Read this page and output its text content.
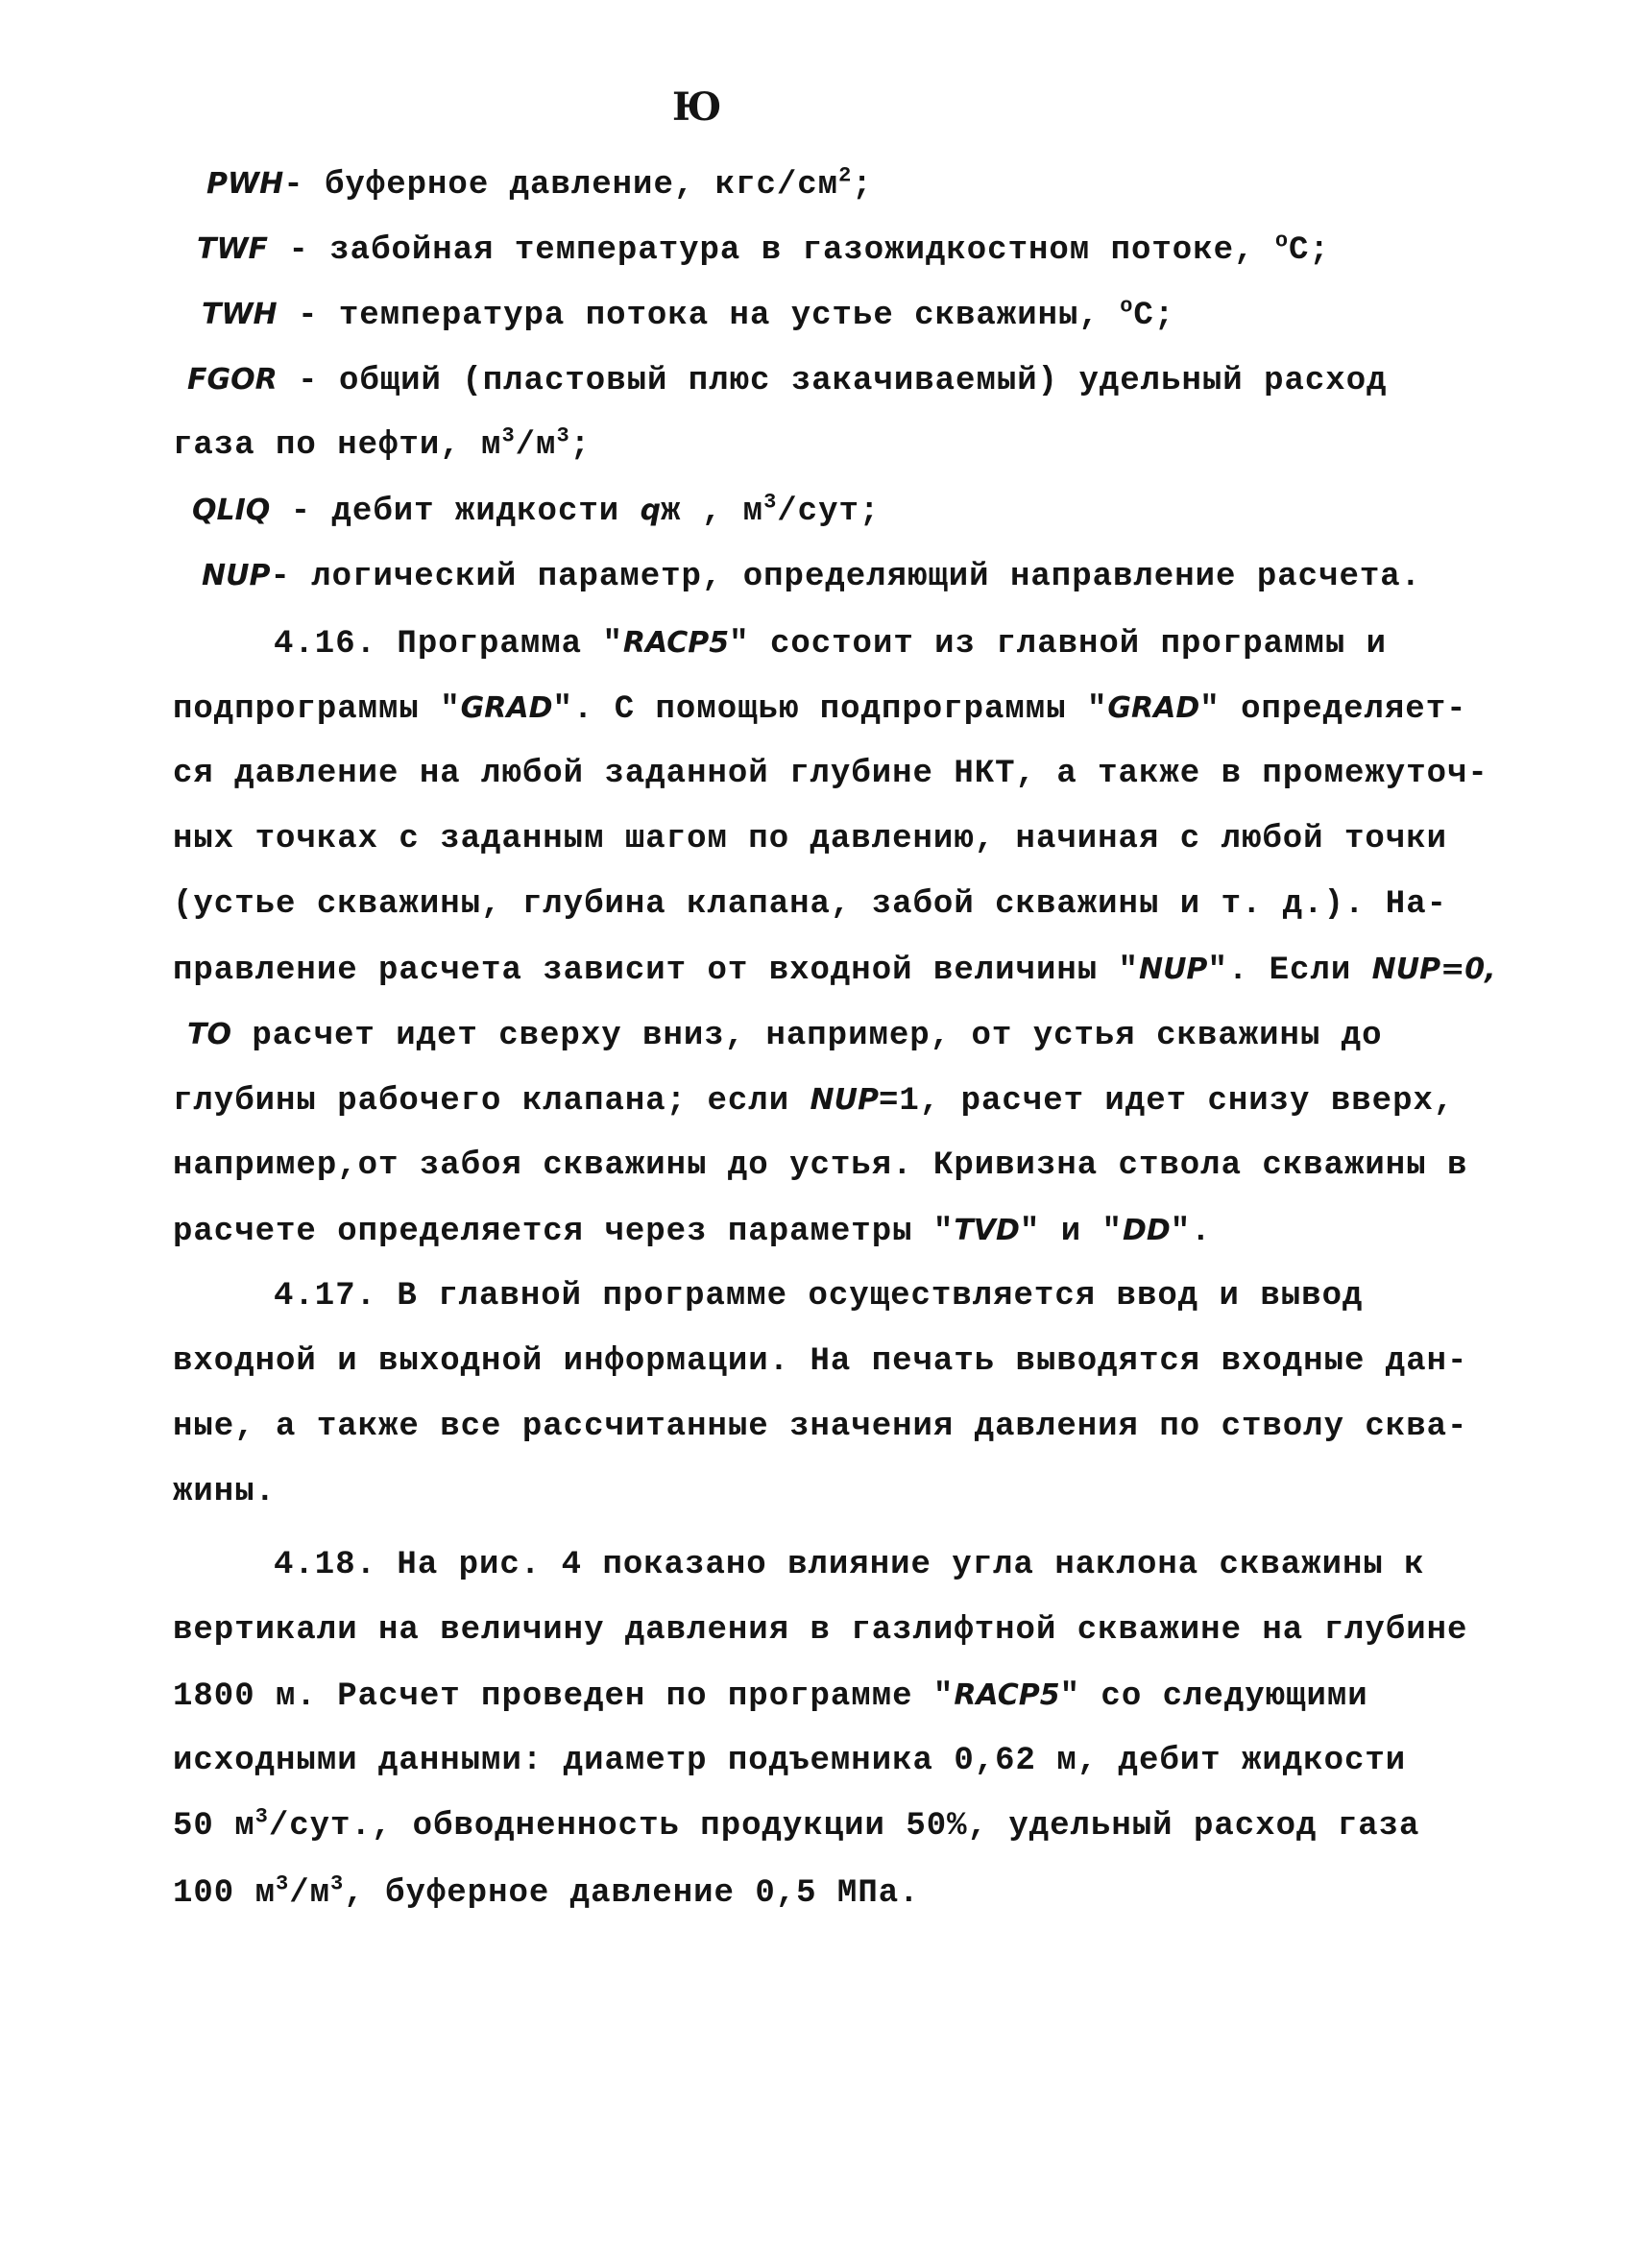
Ю
PWH- буферное давление, кгс/$см^2$;
TWF - забойная температура в газожидкостном потоке, $^o$C;
TWH - температура потока на устье скважины, $^o$C;
FGOR - общий (пластовый плюс закачиваемый) удельный расход
газа по нефти, $м^3/м^3$;
QLIQ - дебит жидкости qж , $м^3$/сут;
NUP- логический параметр, определяющий направление расчета.
4.16. Программа "RACP5" состоит из главной программы и
подпрограммы "GRAD". С помощью подпрограммы "GRAD" определяет-
ся давление на любой заданной глубине НКТ, а также в промежуточ-
ных точках с заданным шагом по давлению, начиная с любой точки
(устье скважины, глубина клапана, забой скважины и т. д.). На-
правление расчета зависит от входной величины "NUP". Если NUP=0,
TO расчет идет сверху вниз, например, от устья скважины до
глубины рабочего клапана; если NUP=1, расчет идет снизу вверх,
например,от забоя скважины до устья. Кривизна ствола скважины в
расчете определяется через параметры "TVD" и "DD".
4.17. В главной программе осуществляется ввод и вывод
входной и выходной информации. На печать выводятся входные дан-
ные, а также все рассчитанные значения давления по стволу сква-
жины.
4.18. На рис. 4 показано влияние угла наклона скважины к
вертикали на величину давления в газлифтной скважине на глубине
1800 м. Расчет проведен по программе "RACP5" со следующими
исходными данными: диаметр подъемника 0,62 м, дебит жидкости
50 $м^3$/сут., обводненность продукции 50%, удельный расход газа
100 $м^3/м^3$, буферное давление 0,5 МПа.
